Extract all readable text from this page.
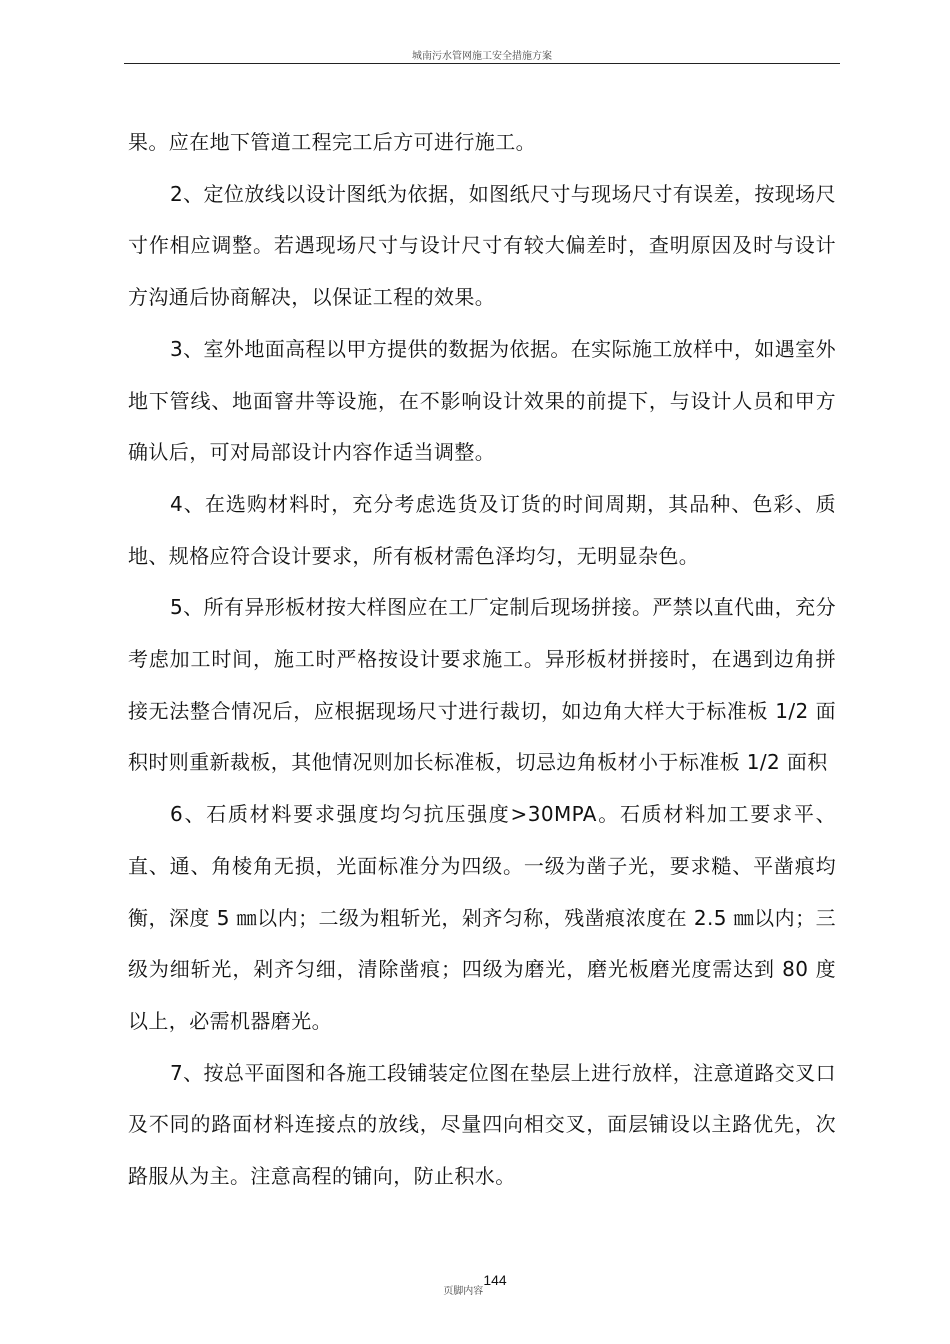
城南污水管网施工安全措施方案

果。应在地下管道工程完工后方可进行施工。

2、定位放线以设计图纸为依据，如图纸尺寸与现场尺寸有误差，按现场尺寸作相应调整。若遇现场尺寸与设计尺寸有较大偏差时，查明原因及时与设计方沟通后协商解决，以保证工程的效果。

3、室外地面高程以甲方提供的数据为依据。在实际施工放样中，如遇室外地下管线、地面窨井等设施，在不影响设计效果的前提下，与设计人员和甲方确认后，可对局部设计内容作适当调整。

4、在选购材料时，充分考虑选货及订货的时间周期，其品种、色彩、质地、规格应符合设计要求，所有板材需色泽均匀，无明显杂色。

5、所有异形板材按大样图应在工厂定制后现场拼接。严禁以直代曲，充分考虑加工时间，施工时严格按设计要求施工。异形板材拼接时，在遇到边角拼接无法整合情况后，应根据现场尺寸进行裁切，如边角大样大于标准板 1/2 面积时则重新裁板，其他情况则加长标准板，切忌边角板材小于标准板 1/2 面积

6、石质材料要求强度均匀抗压强度>30MPA。石质材料加工要求平、直、通、角棱角无损，光面标准分为四级。一级为凿子光，要求糙、平凿痕均衡，深度 5 ㎜以内；二级为粗斩光，剁齐匀称，残凿痕浓度在 2.5 ㎜以内；三级为细斩光，剁齐匀细，清除凿痕；四级为磨光，磨光板磨光度需达到 80 度以上，必需机器磨光。

7、按总平面图和各施工段铺装定位图在垫层上进行放样，注意道路交叉口及不同的路面材料连接点的放线，尽量四向相交叉，面层铺设以主路优先，次路服从为主。注意高程的铺向，防止积水。

页脚内容144
